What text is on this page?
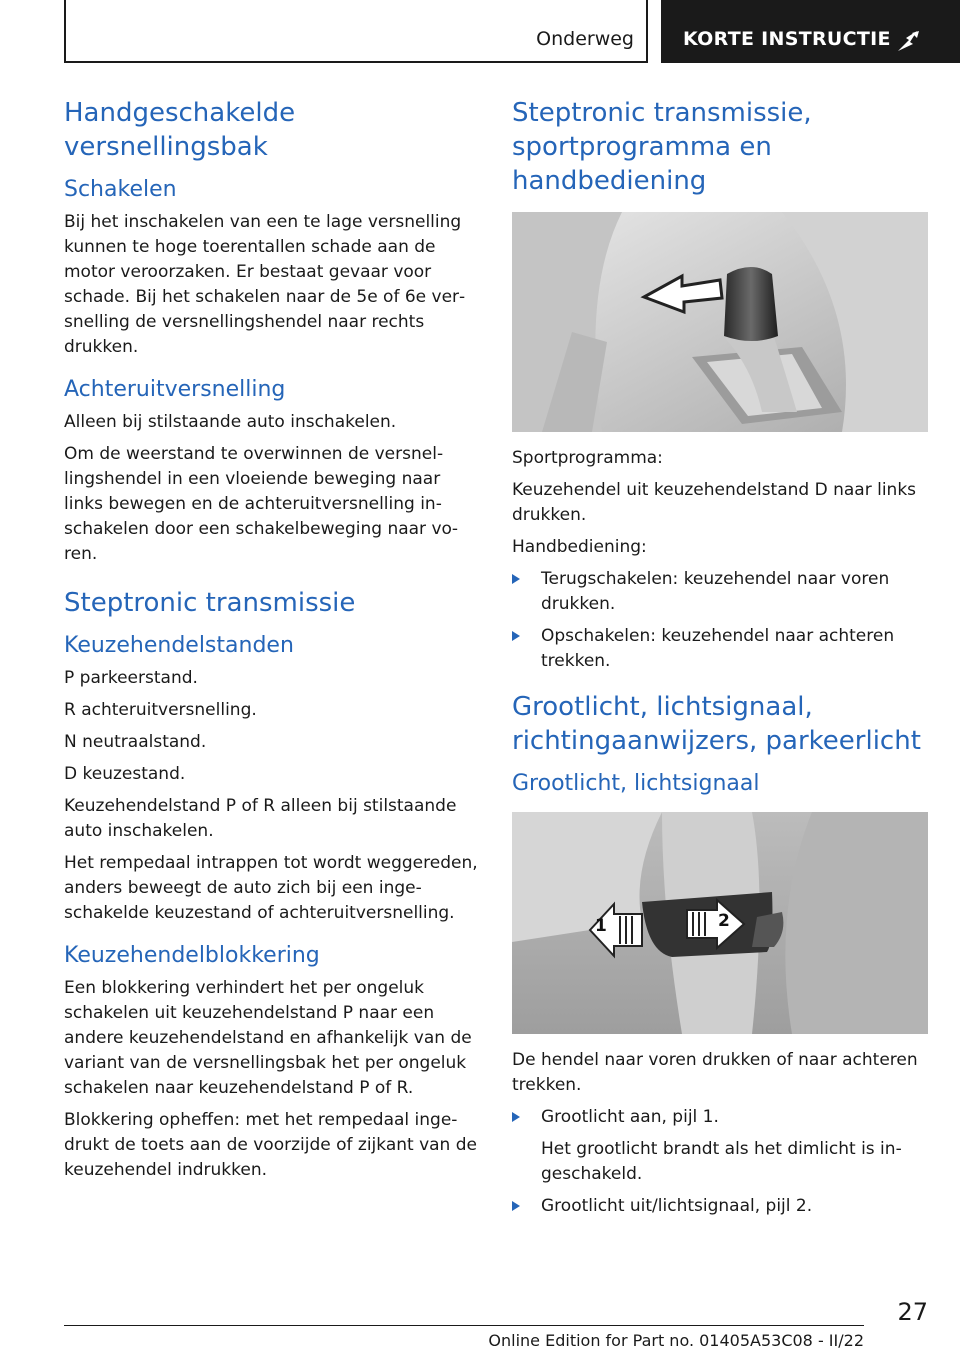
Onderweg	KORTE INSTRUCTIE
Handgeschakelde versnellingsbak
Schakelen

Bij het inschakelen van een te lage versnelling kunnen te hoge toerentallen schade aan de motor veroorzaken. Er bestaat gevaar voor schade. Bij het schakelen naar de 5e of 6e versnelling de versnellingshendel naar rechts drukken.

Achteruitversnelling

Alleen bij stilstaande auto inschakelen.

Om de weerstand te overwinnen de versnellingshendel in een vloeiende beweging naar links bewegen en de achteruitversnelling inschakelen door een schakelbeweging naar voren.

Steptronic transmissie
Keuzehendelstanden

P parkeerstand.

R achteruitversnelling.

N neutraalstand.

D keuzestand.

Keuzehendelstand P of R alleen bij stilstaande auto inschakelen.

Het rempedaal intrappen tot wordt weggereden, anders beweegt de auto zich bij een ingeschakelde keuzestand of achteruitversnelling.

Keuzehendelblokkering

Een blokkering verhindert het per ongeluk schakelen uit keuzehendelstand P naar een andere keuzehendelstand en afhankelijk van de variant van de versnellingsbak het per ongeluk schakelen naar keuzehendelstand P of R.

Blokkering opheffen: met het rempedaal ingedrukt de toets aan de voorzijde of zijkant van de keuzehendel indrukken.

Steptronic transmissie, sportprogramma en handbediening

Sportprogramma:

Keuzehendel uit keuzehendelstand D naar links drukken.

Handbediening:

Terugschakelen: keuzehendel naar voren drukken.
Opschakelen: keuzehendel naar achteren trekken.
Grootlicht, lichtsignaal, richtingaanwijzers, parkeerlicht
Grootlicht, lichtsignaal
1	2

De hendel naar voren drukken of naar achteren trekken.

Grootlicht aan, pijl 1.
Het grootlicht brandt als het dimlicht is ingeschakeld.
Grootlicht uit/lichtsignaal, pijl 2.
27
Online Edition for Part no. 01405A53C08 - II/22
